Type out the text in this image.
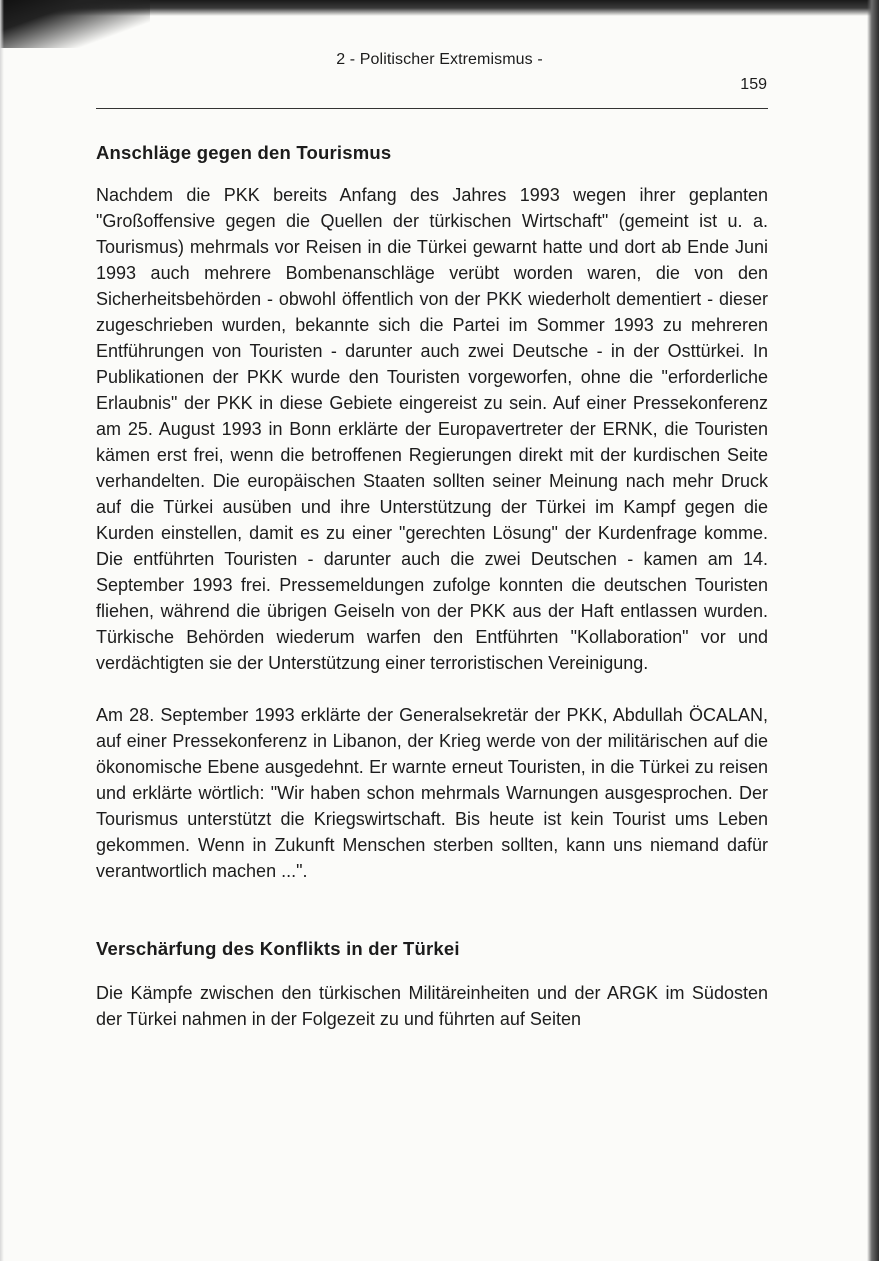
2 - Politischer Extremismus -
159
Anschläge gegen den Tourismus

Nachdem die PKK bereits Anfang des Jahres 1993 wegen ihrer geplanten "Großoffensive gegen die Quellen der türkischen Wirtschaft" (gemeint ist u. a. Tourismus) mehrmals vor Reisen in die Türkei gewarnt hatte und dort ab Ende Juni 1993 auch mehrere Bombenanschläge verübt worden waren, die von den Sicherheitsbehörden - obwohl öffentlich von der PKK wiederholt dementiert - dieser zugeschrieben wurden, bekannte sich die Partei im Sommer 1993 zu mehreren Entführungen von Touristen - darunter auch zwei Deutsche - in der Osttürkei. In Publikationen der PKK wurde den Touristen vorgeworfen, ohne die "erforderliche Erlaubnis" der PKK in diese Gebiete eingereist zu sein. Auf einer Pressekonferenz am 25. August 1993 in Bonn erklärte der Europavertreter der ERNK, die Touristen kämen erst frei, wenn die betroffenen Regierungen direkt mit der kurdischen Seite verhandelten. Die europäischen Staaten sollten seiner Meinung nach mehr Druck auf die Türkei ausüben und ihre Unterstützung der Türkei im Kampf gegen die Kurden einstellen, damit es zu einer "gerechten Lösung" der Kurdenfrage komme. Die entführten Touristen - darunter auch die zwei Deutschen - kamen am 14. September 1993 frei. Pressemeldungen zufolge konnten die deutschen Touristen fliehen, während die übrigen Geiseln von der PKK aus der Haft entlassen wurden. Türkische Behörden wiederum warfen den Entführten "Kollaboration" vor und verdächtigten sie der Unterstützung einer terroristischen Vereinigung.

Am 28. September 1993 erklärte der Generalsekretär der PKK, Abdullah ÖCALAN, auf einer Pressekonferenz in Libanon, der Krieg werde von der militärischen auf die ökonomische Ebene ausgedehnt. Er warnte erneut Touristen, in die Türkei zu reisen und erklärte wörtlich: "Wir haben schon mehrmals Warnungen ausgesprochen. Der Tourismus unterstützt die Kriegswirtschaft. Bis heute ist kein Tourist ums Leben gekommen. Wenn in Zukunft Menschen sterben sollten, kann uns niemand dafür verantwortlich machen ...".

Verschärfung des Konflikts in der Türkei

Die Kämpfe zwischen den türkischen Militäreinheiten und der ARGK im Südosten der Türkei nahmen in der Folgezeit zu und führten auf Seiten
